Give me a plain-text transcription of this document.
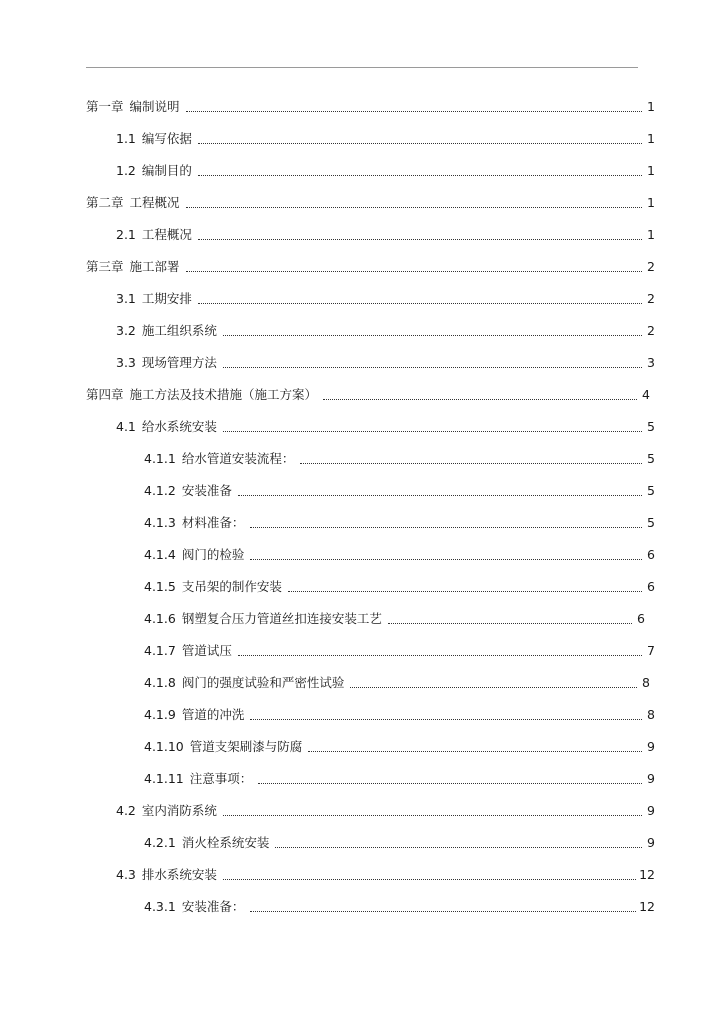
第一章 编制说明	1
1.1 编写依据	1
1.2 编制目的	1
第二章 工程概况	1
2.1 工程概况	1
第三章 施工部署	2
3.1 工期安排	2
3.2 施工组织系统	2
3.3 现场管理方法	3
第四章 施工方法及技术措施（施工方案）	4
4.1 给水系统安装	5
4.1.1 给水管道安装流程：	5
4.1.2 安装准备	5
4.1.3 材料准备：	5
4.1.4 阀门的检验	6
4.1.5 支吊架的制作安装	6
4.1.6 钢塑复合压力管道丝扣连接安装工艺	6
4.1.7 管道试压	7
4.1.8 阀门的强度试验和严密性试验	8
4.1.9 管道的冲洗	8
4.1.10 管道支架刷漆与防腐	9
4.1.11 注意事项：	9
4.2 室内消防系统	9
4.2.1 消火栓系统安装	9
4.3 排水系统安装	12
4.3.1 安装准备：	12
